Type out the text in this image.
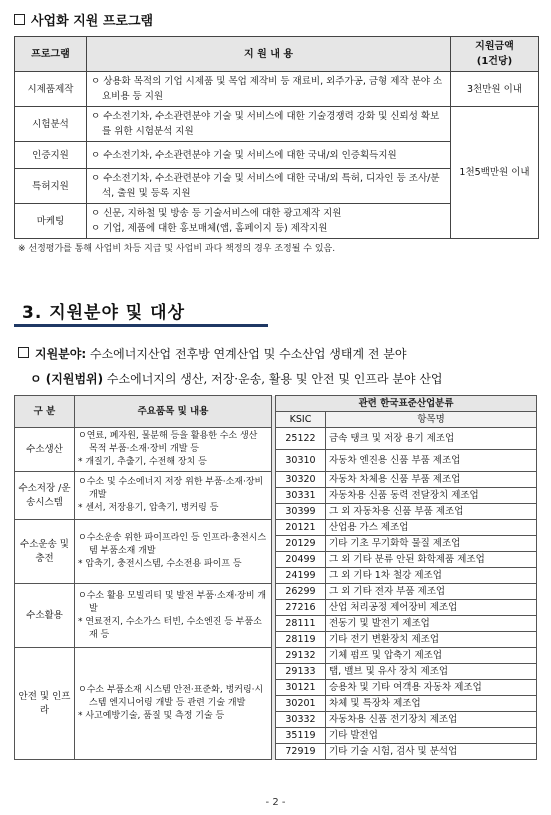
사업화 지원 프로그램
프로그램	지 원 내 용	지원금액
(1건당)
시제품제작	ㅇ 상용화 목적의 기업 시제품 및 목업 제작비 등 재료비, 외주가공, 금형 제작 분야 소요비용 등 지원	3천만원 이내
시험분석	ㅇ 수소전기차, 수소관련분야 기술 및 서비스에 대한 기술경쟁력 강화 및 신뢰성 확보를 위한 시험분석 지원	1천5백만원 이내
인증지원	ㅇ 수소전기차, 수소관련분야 기술 및 서비스에 대한 국내/외 인증획득지원	

특허지원	ㅇ 수소전기차, 수소관련분야 기술 및 서비스에 대한 국내/외 특허, 디자인 등 조사/분석, 출원 및 등록 지원	

마케팅	ㅇ 신문, 지하철 및 방송 등 기술서비스에 대한 광고제작 지원
ㅇ 기업, 제품에 대한 홍보매체(앱, 홈페이지 등) 제작지원	
※ 선정평가를 통해 사업비 차등 지급 및 사업비 과다 책정의 경우 조정될 수 있음.
3. 지원분야 및 대상
지원분야: 수소에너지산업 전후방 연계산업 및 수소산업 생태계 전 분야
ㅇ (지원범위) 수소에너지의 생산, 저장·운송, 활용 및 안전 및 인프라 분야 산업
구 분	주요품목 및 내용		관련 한국표준산업분류	
			KSIC	항목명
수소생산	ㅇ연료, 폐자원, 물분해 등을 활용한 수소 생산 목적 부품·소재·장비 개발 등
* 개질기, 추출기, 수전해 장치 등		25122	금속 탱크 및 저장 용기 제조업
			30310	자동차 엔진용 신품 부품 제조업
수소저장 /운송시스템	ㅇ수소 및 수소에너지 저장 위한 부품·소재·장비 개발
* 센서, 저장용기, 압축기, 벙커링 등		30320	자동차 차체용 신품 부품 제조업
			30331	자동차용 신품 동력 전달장치 제조업
			30399	그 외 자동차용 신품 부품 제조업
수소운송 및 충전	ㅇ수소운송 위한 파이프라인 등 인프라·충전시스템 부품소재 개발
* 압축기, 충전시스템, 수소전용 파이프 등		20121	산업용 가스 제조업
			20129	기타 기초 무기화학 물질 제조업
			20499	그 외 기타 분류 안된 화학제품 제조업
			24199	그 외 기타 1차 철강 제조업
수소활용	ㅇ수소 활용 모빌리티 및 발전 부품·소재·장비 개발
* 연료전지, 수소가스 터빈, 수소엔진 등 부품소재 등		26299	그 외 기타 전자 부품 제조업
			27216	산업 처리공정 제어장비 제조업
			28111	전동기 및 발전기 제조업
			28119	기타 전기 변환장치 제조업
안전 및 인프라	ㅇ수소 부품소재 시스템 안전·표준화, 벙커링·시스템 엔지니어링 개발 등 관련 기술 개발
* 사고예방기술, 품질 및 측정 기술 등		29132	기체 펌프 및 압축기 제조업
			29133	탭, 밸브 및 유사 장치 제조업
			30121	승용차 및 기타 여객용 자동차 제조업
			30201	차체 및 특장차 제조업
			30332	자동차용 신품 전기장치 제조업
			35119	기타 발전업
			72919	기타 기술 시험, 검사 및 분석업
- 2 -
